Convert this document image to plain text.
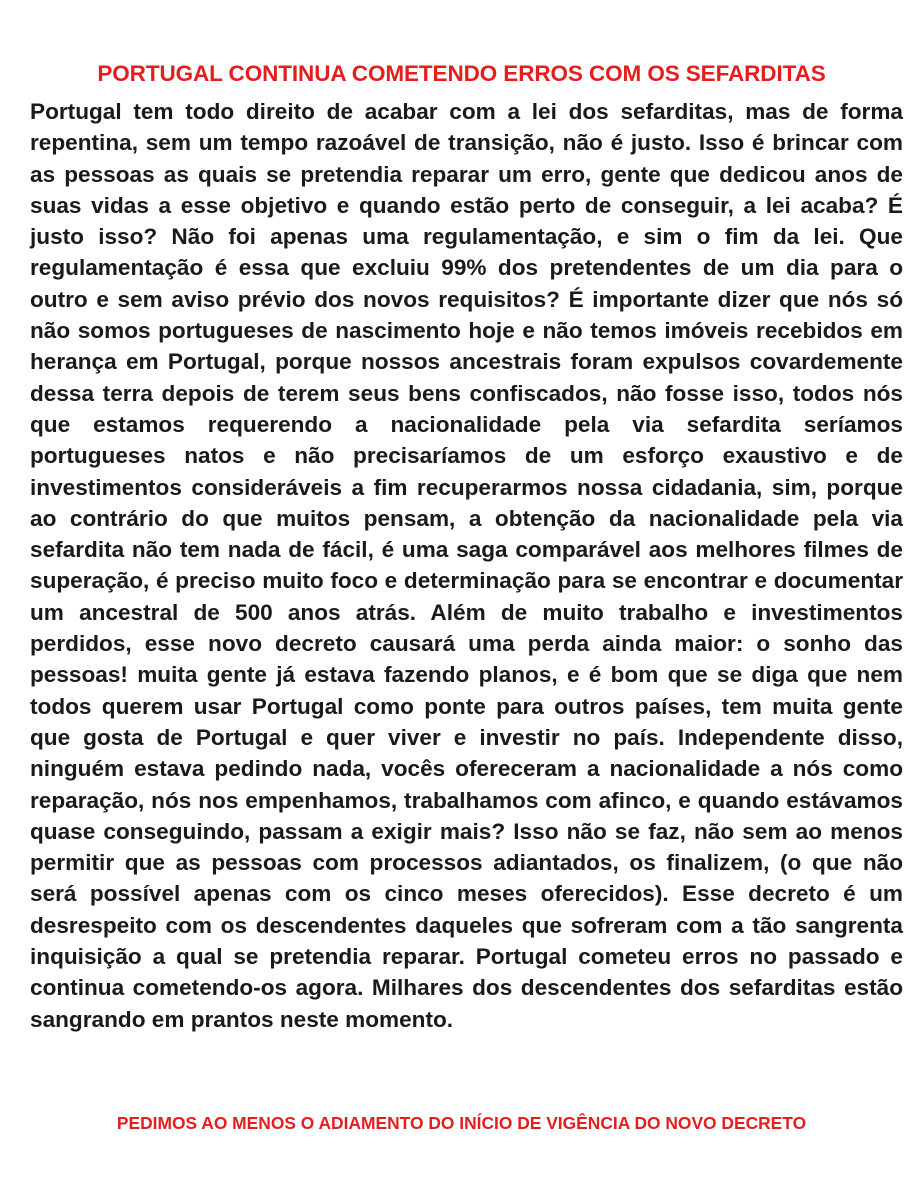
PORTUGAL CONTINUA COMETENDO ERROS COM OS SEFARDITAS

Portugal tem todo direito de acabar com a lei dos sefarditas, mas de forma repentina, sem um tempo razoável de transição, não é justo. Isso é brincar com as pessoas as quais se pretendia reparar um erro, gente que dedicou anos de suas vidas a esse objetivo e quando estão perto de conseguir, a lei acaba? É justo isso? Não foi apenas uma regulamentação, e sim o fim da lei. Que regulamentação é essa que excluiu 99% dos pretendentes de um dia para o outro e sem aviso prévio dos novos requisitos? É importante dizer que nós só não somos portugueses de nascimento hoje e não temos imóveis recebidos em herança em Portugal, porque nossos ancestrais foram expulsos covardemente dessa terra depois de terem seus bens confiscados, não fosse isso, todos nós que estamos requerendo a nacionalidade pela via sefardita seríamos portugueses natos e não precisaríamos de um esforço exaustivo e de investimentos consideráveis a fim recuperarmos nossa cidadania, sim, porque ao contrário do que muitos pensam, a obtenção da nacionalidade pela via sefardita não tem nada de fácil, é uma saga comparável aos melhores filmes de superação, é preciso muito foco e determinação para se encontrar e documentar um ancestral de 500 anos atrás. Além de muito trabalho e investimentos perdidos, esse novo decreto causará uma perda ainda maior: o sonho das pessoas! muita gente já estava fazendo planos, e é bom que se diga que nem todos querem usar Portugal como ponte para outros países, tem muita gente que gosta de Portugal e quer viver e investir no país. Independente disso, ninguém estava pedindo nada, vocês ofereceram a nacionalidade a nós como reparação, nós nos empenhamos, trabalhamos com afinco, e quando estávamos quase conseguindo, passam a exigir mais? Isso não se faz, não sem ao menos permitir que as pessoas com processos adiantados, os finalizem, (o que não será possível apenas com os cinco meses oferecidos). Esse decreto é um desrespeito com os descendentes daqueles que sofreram com a tão sangrenta inquisição a qual se pretendia reparar. Portugal cometeu erros no passado e continua cometendo-os agora. Milhares dos descendentes dos sefarditas estão sangrando em prantos neste momento.

PEDIMOS AO MENOS O ADIAMENTO DO INÍCIO DE VIGÊNCIA DO NOVO DECRETO
